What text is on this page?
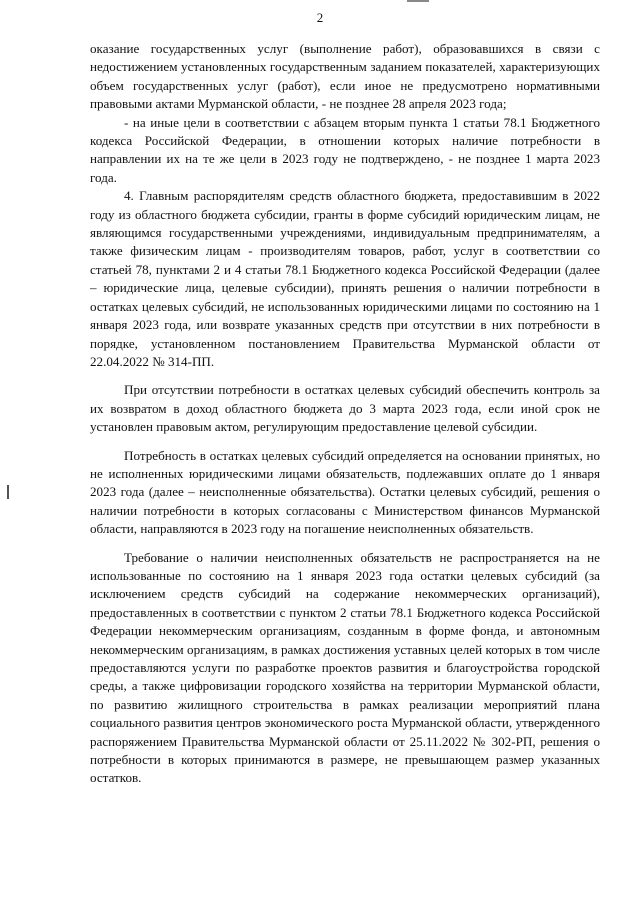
2

оказание государственных услуг (выполнение работ), образовавшихся в связи с недостижением установленных государственным заданием показателей, характеризующих объем государственных услуг (работ), если иное не предусмотрено нормативными правовыми актами Мурманской области, - не позднее 28 апреля 2023 года;

- на иные цели в соответствии с абзацем вторым пункта 1 статьи 78.1 Бюджетного кодекса Российской Федерации, в отношении которых наличие потребности в направлении их на те же цели в 2023 году не подтверждено, - не позднее 1 марта 2023 года.

4. Главным распорядителям средств областного бюджета, предоставившим в 2022 году из областного бюджета субсидии, гранты в форме субсидий юридическим лицам, не являющимся государственными учреждениями, индивидуальным предпринимателям, а также физическим лицам - производителям товаров, работ, услуг в соответствии со статьей 78, пунктами 2 и 4 статьи 78.1 Бюджетного кодекса Российской Федерации (далее – юридические лица, целевые субсидии), принять решения о наличии потребности в остатках целевых субсидий, не использованных юридическими лицами по состоянию на 1 января 2023 года, или возврате указанных средств при отсутствии в них потребности в порядке, установленном постановлением Правительства Мурманской области от 22.04.2022 № 314-ПП.

При отсутствии потребности в остатках целевых субсидий обеспечить контроль за их возвратом в доход областного бюджета до 3 марта 2023 года, если иной срок не установлен правовым актом, регулирующим предоставление целевой субсидии.

Потребность в остатках целевых субсидий определяется на основании принятых, но не исполненных юридическими лицами обязательств, подлежавших оплате до 1 января 2023 года (далее – неисполненные обязательства). Остатки целевых субсидий, решения о наличии потребности в которых согласованы с Министерством финансов Мурманской области, направляются в 2023 году на погашение неисполненных обязательств.

Требование о наличии неисполненных обязательств не распространяется на не использованные по состоянию на 1 января 2023 года остатки целевых субсидий (за исключением средств субсидий на содержание некоммерческих организаций), предоставленных в соответствии с пунктом 2 статьи 78.1 Бюджетного кодекса Российской Федерации некоммерческим организациям, созданным в форме фонда, и автономным некоммерческим организациям, в рамках достижения уставных целей которых в том числе предоставляются услуги по разработке проектов развития и благоустройства городской среды, а также цифровизации городского хозяйства на территории Мурманской области, по развитию жилищного строительства в рамках реализации мероприятий плана социального развития центров экономического роста Мурманской области, утвержденного распоряжением Правительства Мурманской области от 25.11.2022 № 302-РП, решения о потребности в которых принимаются в размере, не превышающем размер указанных остатков.
